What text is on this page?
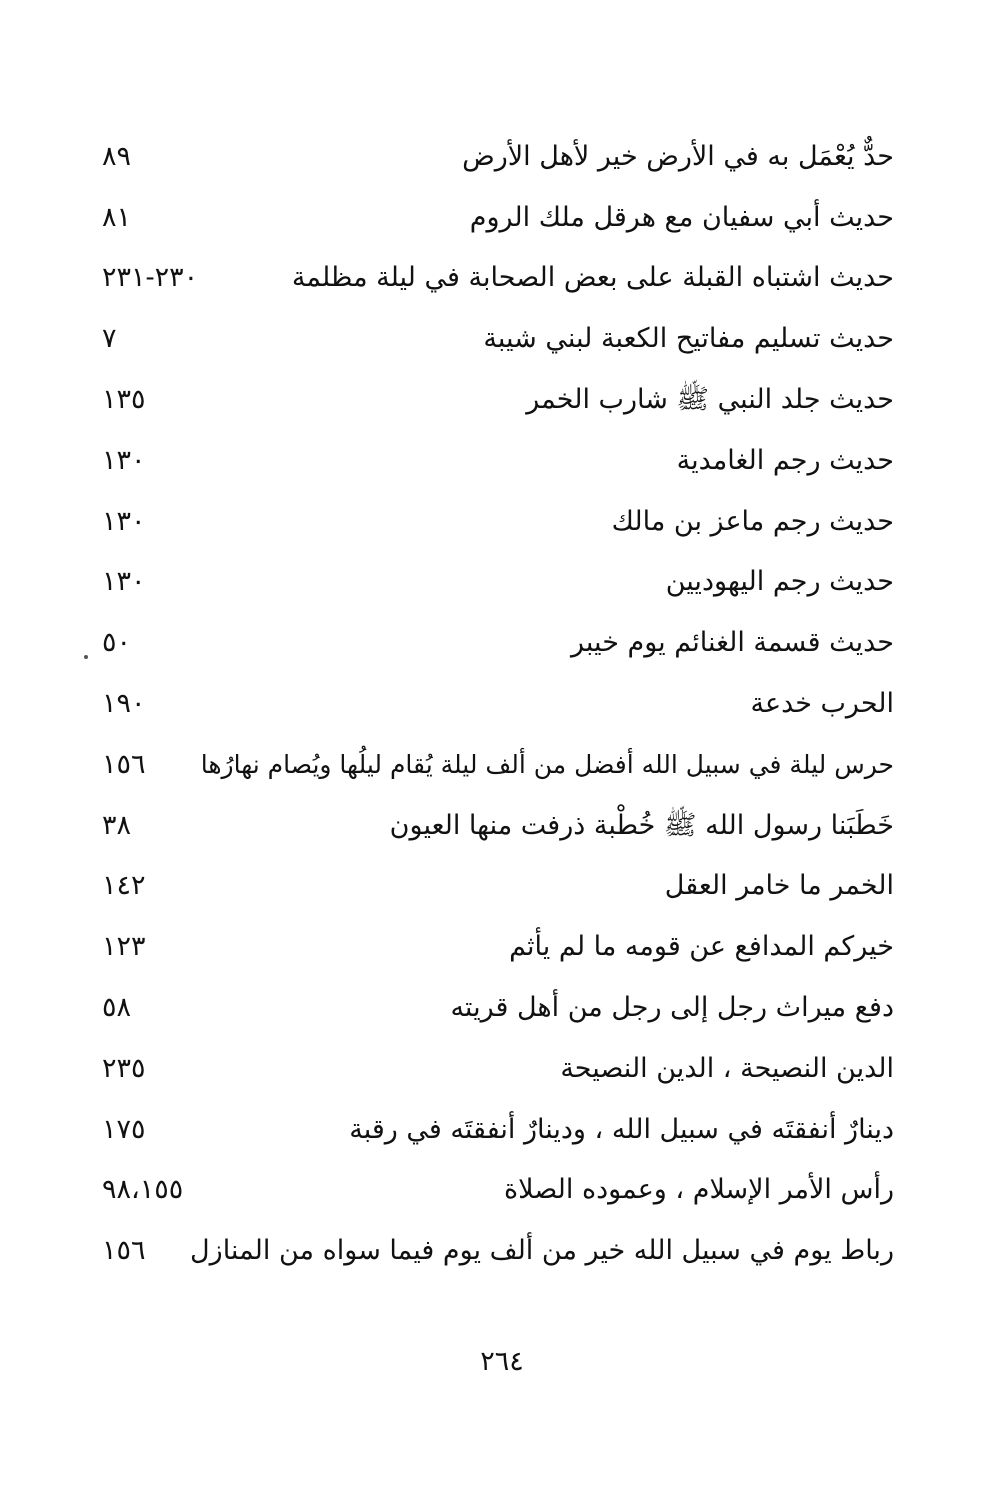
٨٩	حدٌّ يُعْمَل به في الأرض خير لأهل الأرض
٨١	حديث أبي سفيان مع هرقل ملك الروم
٢٣٠-٢٣١	حديث اشتباه القبلة على بعض الصحابة في ليلة مظلمة
٧	حديث تسليم مفاتيح الكعبة لبني شيبة
١٣٥	حديث جلد النبي ﷺ شارب الخمر
١٣٠	حديث رجم الغامدية
١٣٠	حديث رجم ماعز بن مالك
١٣٠	حديث رجم اليهوديين
٥٠	حديث قسمة الغنائم يوم خيبر
١٩٠	الحرب خدعة
١٥٦ حرس ليلة في سبيل الله أفضل من ألف ليلة يُقام ليلُها ويُصام نهارُها
٣٨	خَطَبَنا رسول الله ﷺ خُطْبة ذرفت منها العيون
١٤٢	الخمر ما خامر العقل
١٢٣	خيركم المدافع عن قومه ما لم يأثم
٥٨	دفع ميراث رجل إلى رجل من أهل قريته
٢٣٥	الدين النصيحة ، الدين النصيحة
١٧٥	دينارٌ أنفقتَه في سبيل الله ، ودينارٌ أنفقتَه في رقبة
٩٨،١٥٥	رأس الأمر الإسلام ، وعموده الصلاة
١٥٦ رباط يوم في سبيل الله خير من ألف يوم فيما سواه من المنازل
٢٦٤
